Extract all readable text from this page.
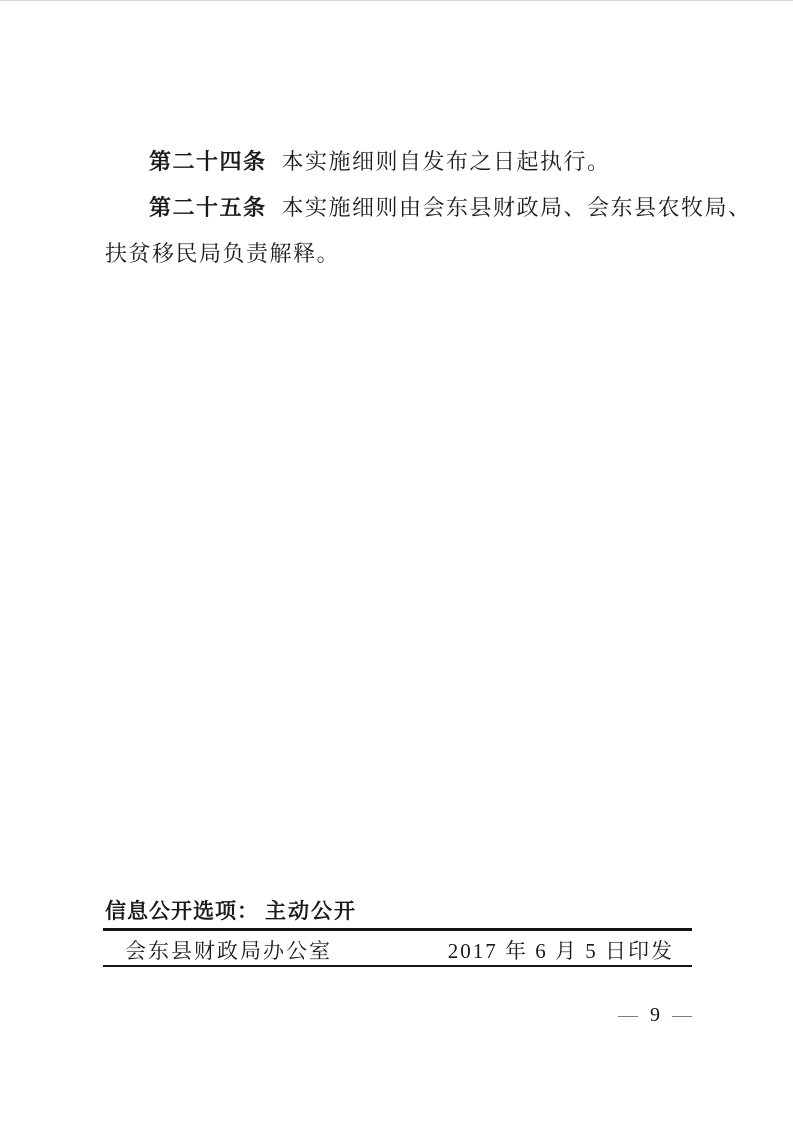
第二十四条 本实施细则自发布之日起执行。
第二十五条 本实施细则由会东县财政局、会东县农牧局、
扶贫移民局负责解释。
信息公开选项： 主动公开
会东县财政局办公室	2017 年 6 月 5 日印发
— 9 —
